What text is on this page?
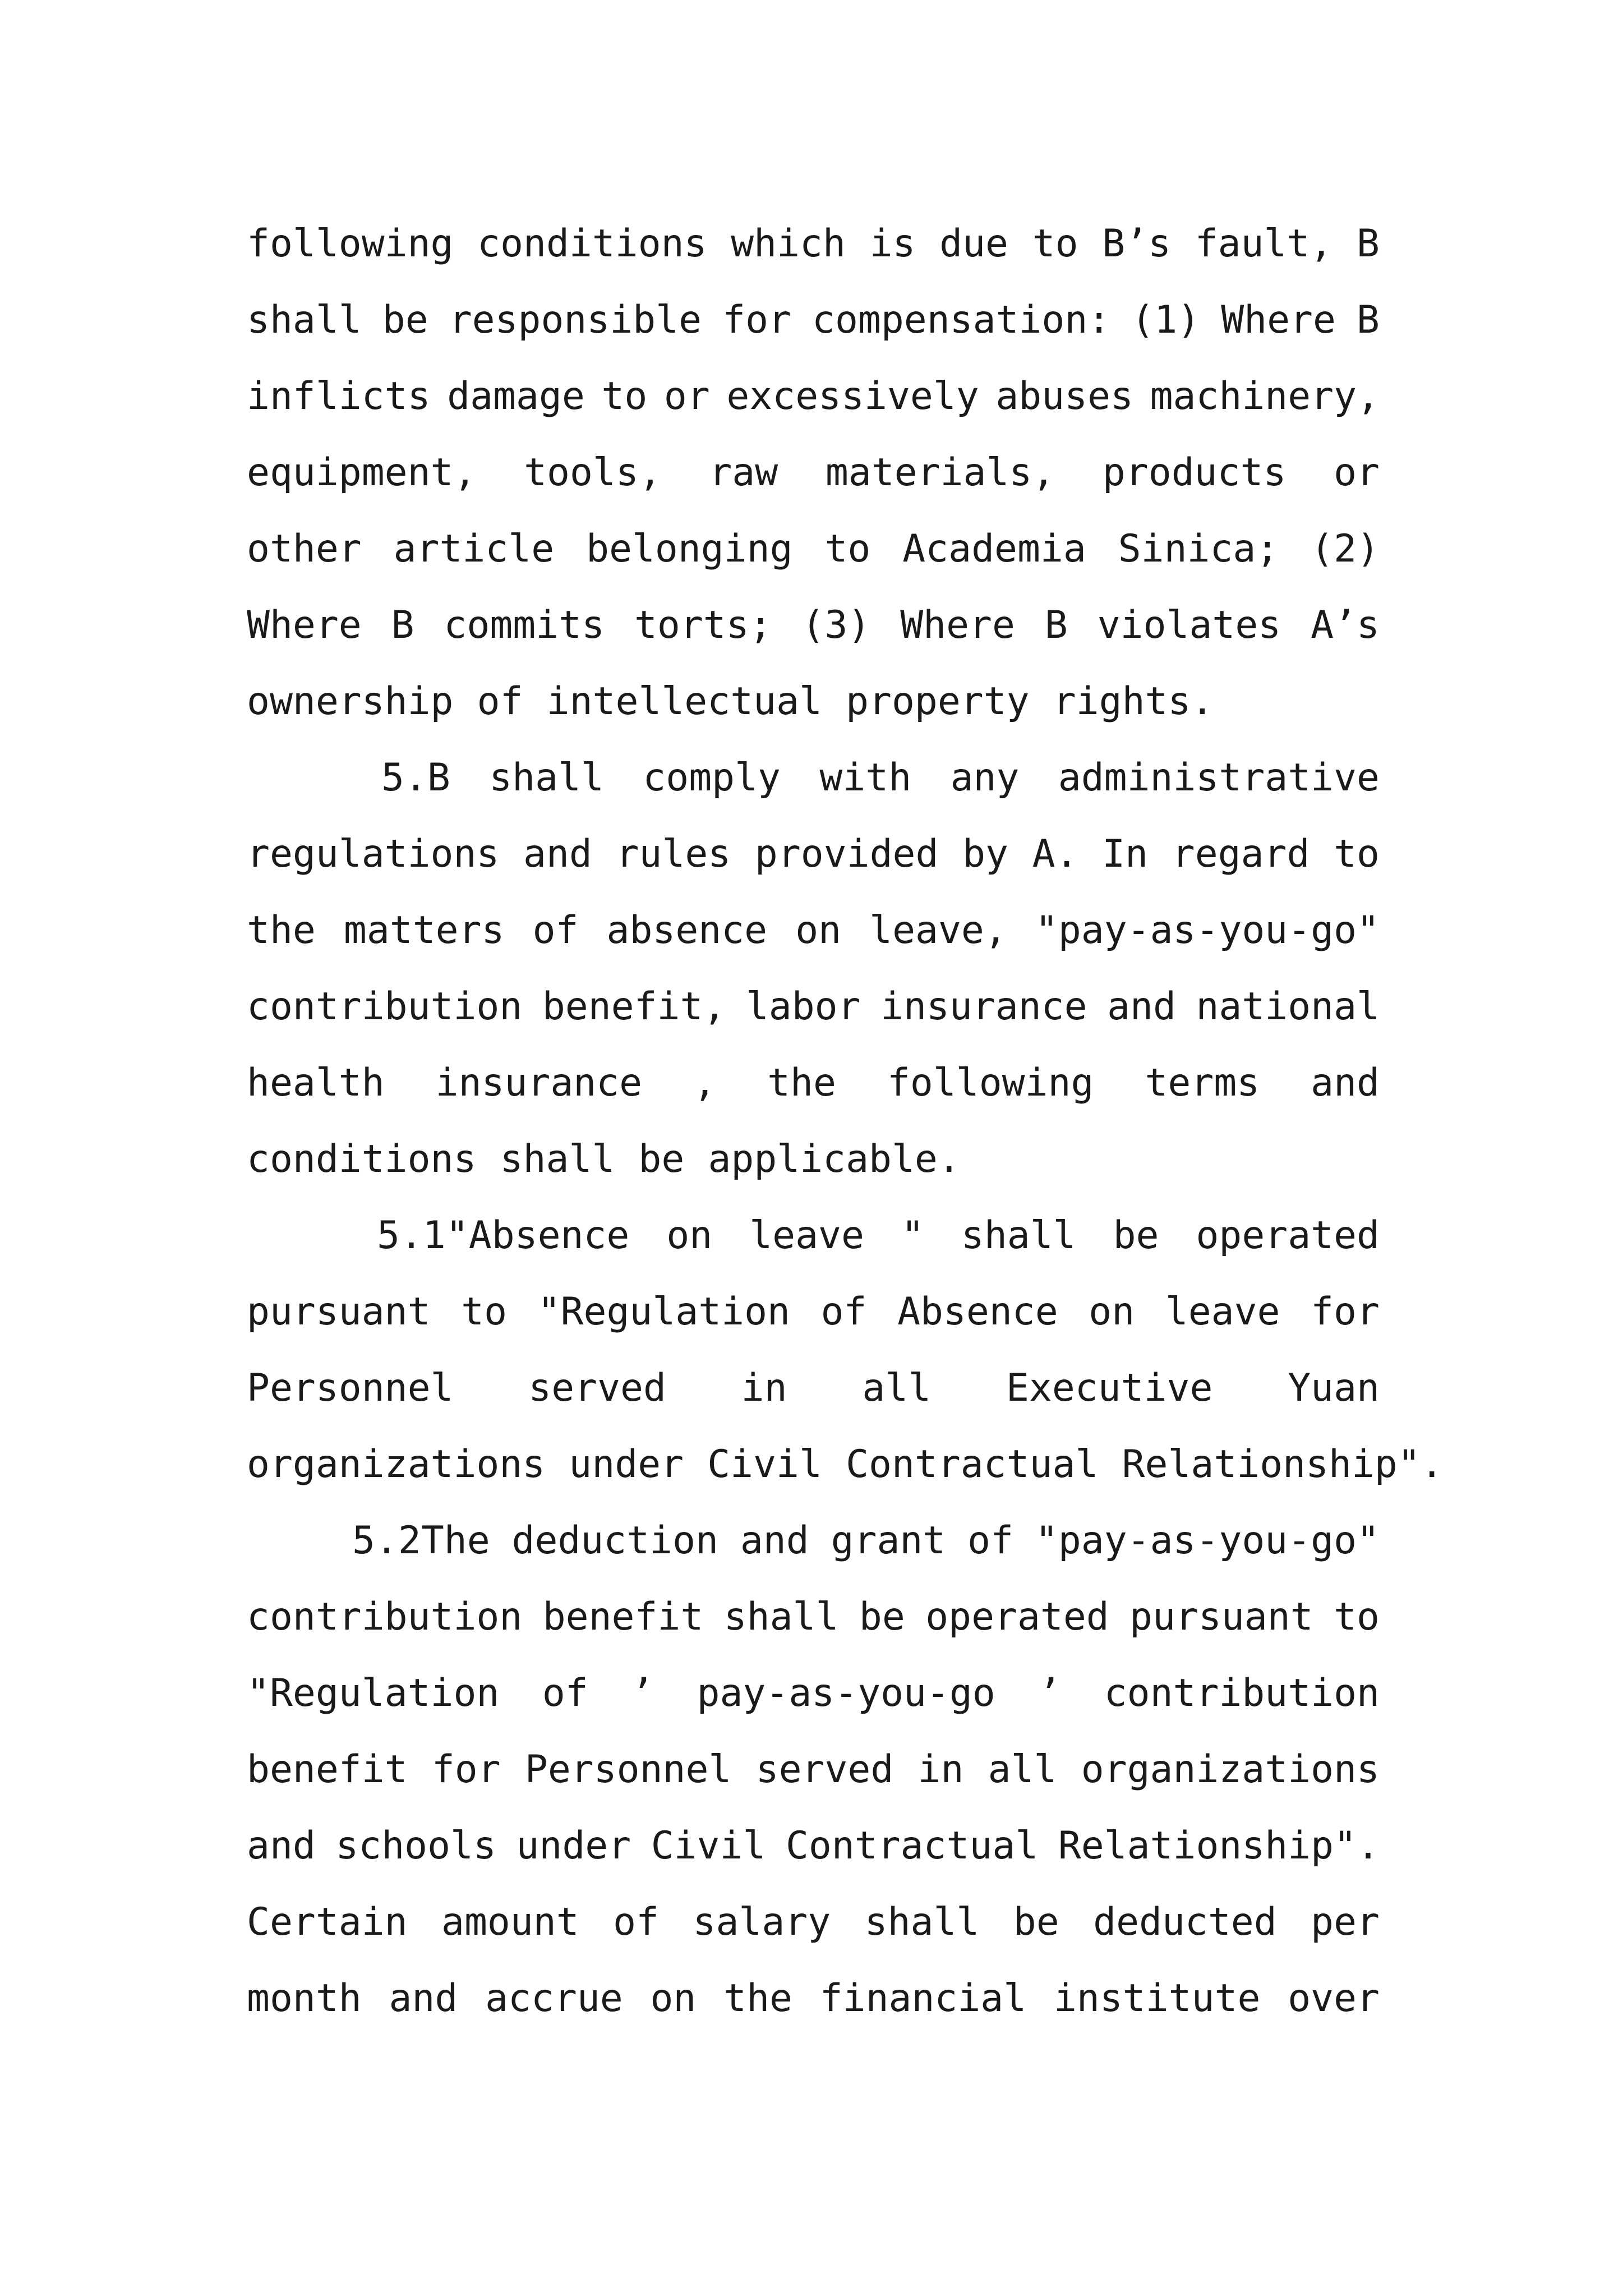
following conditions which is due to B’s fault, B
shall be responsible for compensation: (1) Where B
inflicts damage to or excessively abuses machinery,
equipment, tools, raw materials, products or
other article belonging to Academia Sinica; (2)
Where B commits torts; (3) Where B violates A’s
ownership of intellectual property rights.
5.B shall comply with any administrative
regulations and rules provided by A. In regard to
the matters of absence on leave, "pay-as-you-go"
contribution benefit, labor insurance and national
health insurance , the following terms and
conditions shall be applicable.
5.1"Absence on leave " shall be operated
pursuant to "Regulation of Absence on leave for
Personnel served in all Executive Yuan
organizations under Civil Contractual Relationship".
5.2The deduction and grant of "pay-as-you-go"
contribution benefit shall be operated pursuant to
"Regulation of ’ pay-as-you-go ’ contribution
benefit for Personnel served in all organizations
and schools under Civil Contractual Relationship".
Certain amount of salary shall be deducted per
month and accrue on the financial institute over
